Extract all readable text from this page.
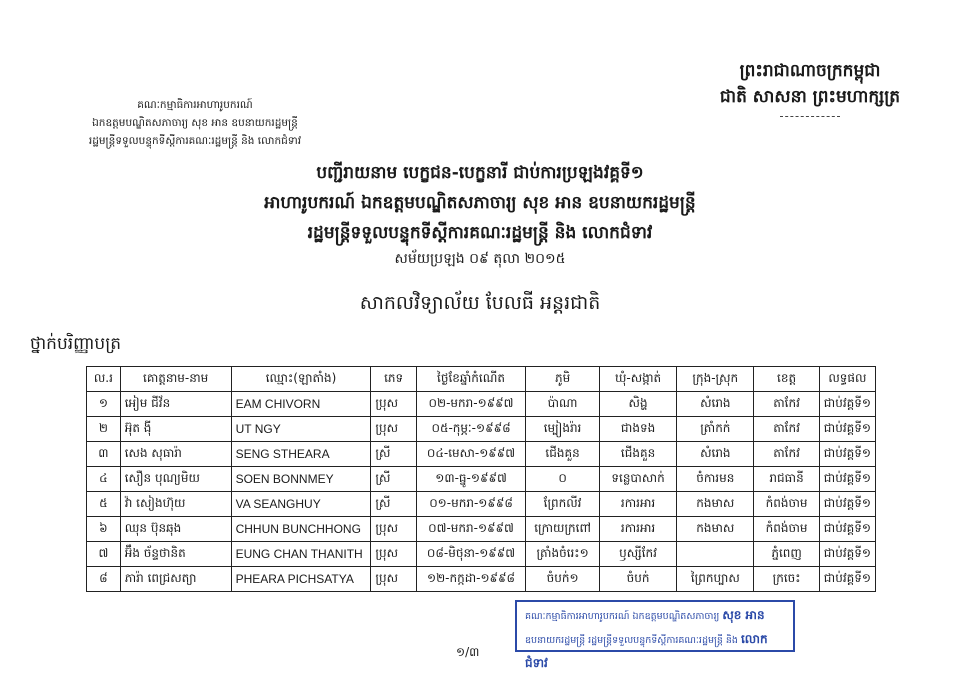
ព្រះរាជាណាចក្រកម្ពុជា
ជាតិ សាសនា ព្រះមហាក្សត្រ
គណៈកម្មាធិការអាហារូបករណ៍
ឯកឧត្តមបណ្ឌិតសភាចារ្យ សុខ អាន ឧបនាយករដ្ឋមន្ត្រី
រដ្ឋមន្ត្រីទទួលបន្ទុកទីស្តីការគណៈរដ្ឋមន្ត្រី និង លោកជំទាវ
បញ្ជីរាយនាម បេក្ខជន-បេក្ខនារី ជាប់ការប្រឡងវគ្គទី១
អាហារូបករណ៍ ឯកឧត្តមបណ្ឌិតសភាចារ្យ សុខ អាន ឧបនាយករដ្ឋមន្ត្រី
រដ្ឋមន្ត្រីទទួលបន្ទុកទីស្តីការគណៈរដ្ឋមន្ត្រី និង លោកជំទាវ
សម័យប្រឡង ០៩ តុលា ២០១៥
សាកលវិទ្យាល័យ បែលធី អន្តរជាតិ
ថ្នាក់បរិញ្ញាបត្រ
ល.រ	គោត្តនាម-នាម	ឈ្មោះ(ឡាតាំង)	ភេទ	ថ្ងៃខែឆ្នាំកំណើត	ភូមិ	ឃុំ-សង្កាត់	ក្រុង-ស្រុក	ខេត្ត	លទ្ធផល
១	អៀម ជីវ័ន	EAM CHIVORN	ប្រុស	០២-មករា-១៩៩៧	ប៉ាណា	សិង្ហ	សំរោង	តាកែវ	ជាប់វគ្គទី១
២	អ៊ុត ង៉ី	UT NGY	ប្រុស	០៥-កុម្ភៈ-១៩៩៨	ម្បៀងរ៉ារ	ជាងទង	ត្រាំកក់	តាកែវ	ជាប់វគ្គទី១
៣	សេង សុធារ៉ា	SENG STHEARA	ស្រី	០៤-មេសា-១៩៩៧	ជើងគួន	ជើងគួន	សំរោង	តាកែវ	ជាប់វគ្គទី១
៤	សឿន បុណ្យមិយ	SOEN BONNMEY	ស្រី	១៣-ធ្នូ-១៩៩៧	០	ទន្លេបាសាក់	ចំការមន	រាជធានី	ជាប់វគ្គទី១
៥	វ៉ា សៀងហ៊ុយ	VA SEANGHUY	ស្រី	០១-មករា-១៩៩៨	ព្រែកលីវ	រការអារ	កងមាស	កំពង់ចាម	ជាប់វគ្គទី១
៦	ឈុន ប៊ុនឆុង	CHHUN BUNCHHONG	ប្រុស	០៧-មករា-១៩៩៧	ក្រោយក្រពៅ	រការអារ	កងមាស	កំពង់ចាម	ជាប់វគ្គទី១
៧	អ៊ឹង ច័ន្ទថានិត	EUNG CHAN THANITH	ប្រុស	០៨-មិថុនា-១៩៩៧	ត្រាំងចំរេះ១	ឫស្សីកែវ		ភ្នំពេញ	ជាប់វគ្គទី១
៨	ភារ៉ា ពេជ្រសត្យា	PHEARA PICHSATYA	ប្រុស	១២-កក្កដា-១៩៩៨	ចំបក់១	ចំបក់	ព្រៃកប្បាស	ក្រចេះ	ជាប់វគ្គទី១
គណៈកម្មាធិការអាហារូបករណ៍ ឯកឧត្តមបណ្ឌិតសភាចារ្យ សុខ អាន
ឧបនាយករដ្ឋមន្ត្រី រដ្ឋមន្ត្រីទទួលបន្ទុកទីស្តីការគណៈរដ្ឋមន្ត្រី និង លោកជំទាវ
១/៣
